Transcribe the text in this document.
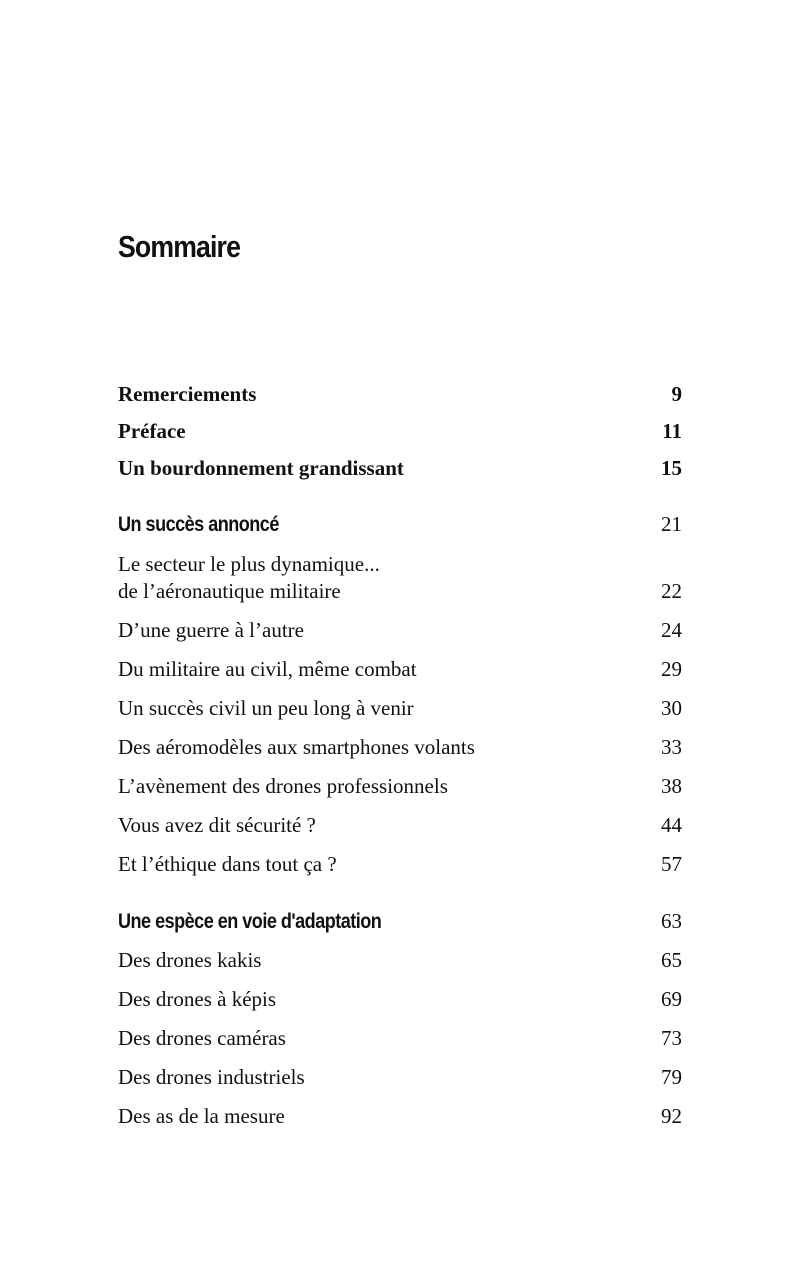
Sommaire
Remerciements	9
Préface	11
Un bourdonnement grandissant	15
Un succès annoncé	21
Le secteur le plus dynamique...
de l’aéronautique militaire	22
D’une guerre à l’autre	24
Du militaire au civil, même combat	29
Un succès civil un peu long à venir	30
Des aéromodèles aux smartphones volants	33
L’avènement des drones professionnels	38
Vous avez dit sécurité ?	44
Et l’éthique dans tout ça ?	57
Une espèce en voie d'adaptation	63
Des drones kakis	65
Des drones à képis	69
Des drones caméras	73
Des drones industriels	79
Des as de la mesure	92
